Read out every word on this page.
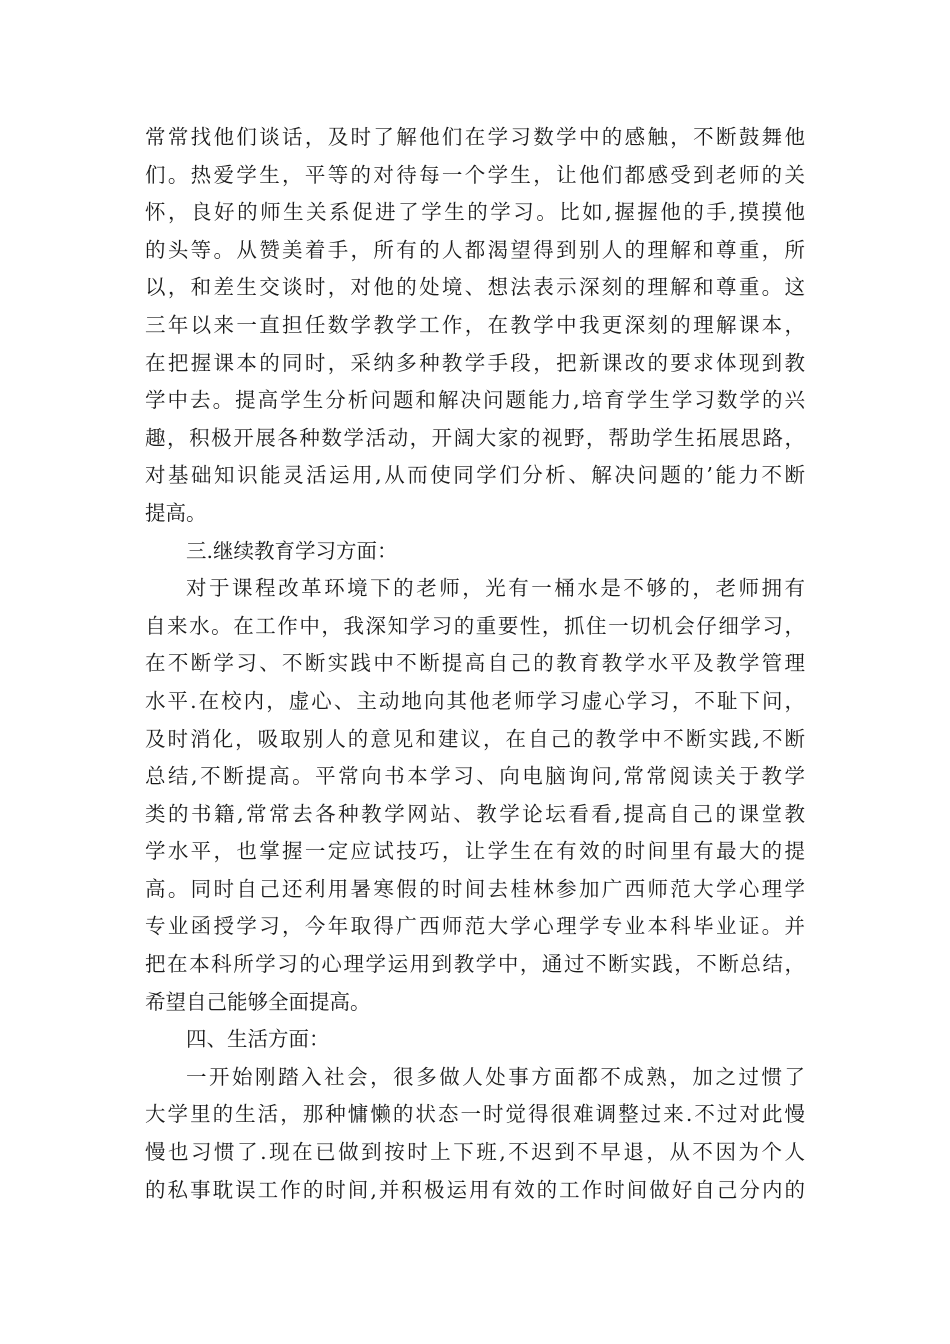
常常找他们谈话，及时了解他们在学习数学中的感触，不断鼓舞他
们。热爱学生，平等的对待每一个学生，让他们都感受到老师的关
怀，良好的师生关系促进了学生的学习。比如,握握他的手,摸摸他
的头等。从赞美着手，所有的人都渴望得到别人的理解和尊重，所
以，和差生交谈时，对他的处境、想法表示深刻的理解和尊重。这
三年以来一直担任数学教学工作，在教学中我更深刻的理解课本，
在把握课本的同时，采纳多种教学手段，把新课改的要求体现到教
学中去。提高学生分析问题和解决问题能力,培育学生学习数学的兴
趣，积极开展各种数学活动，开阔大家的视野，帮助学生拓展思路，
对基础知识能灵活运用,从而使同学们分析、解决问题的’能力不断
提高。
三.继续教育学习方面：
对于课程改革环境下的老师，光有一桶水是不够的，老师拥有
自来水。在工作中，我深知学习的重要性，抓住一切机会仔细学习，
在不断学习、不断实践中不断提高自己的教育教学水平及教学管理
水平.在校内，虚心、主动地向其他老师学习虚心学习，不耻下问，
及时消化，吸取别人的意见和建议，在自己的教学中不断实践,不断
总结,不断提高。平常向书本学习、向电脑询问,常常阅读关于教学
类的书籍,常常去各种教学网站、教学论坛看看,提高自己的课堂教
学水平，也掌握一定应试技巧，让学生在有效的时间里有最大的提
高。同时自己还利用暑寒假的时间去桂林参加广西师范大学心理学
专业函授学习，今年取得广西师范大学心理学专业本科毕业证。并
把在本科所学习的心理学运用到教学中，通过不断实践，不断总结，
希望自己能够全面提高。
四、生活方面：
一开始刚踏入社会，很多做人处事方面都不成熟，加之过惯了
大学里的生活，那种慵懒的状态一时觉得很难调整过来.不过对此慢
慢也习惯了.现在已做到按时上下班,不迟到不早退，从不因为个人
的私事耽误工作的时间,并积极运用有效的工作时间做好自己分内的
